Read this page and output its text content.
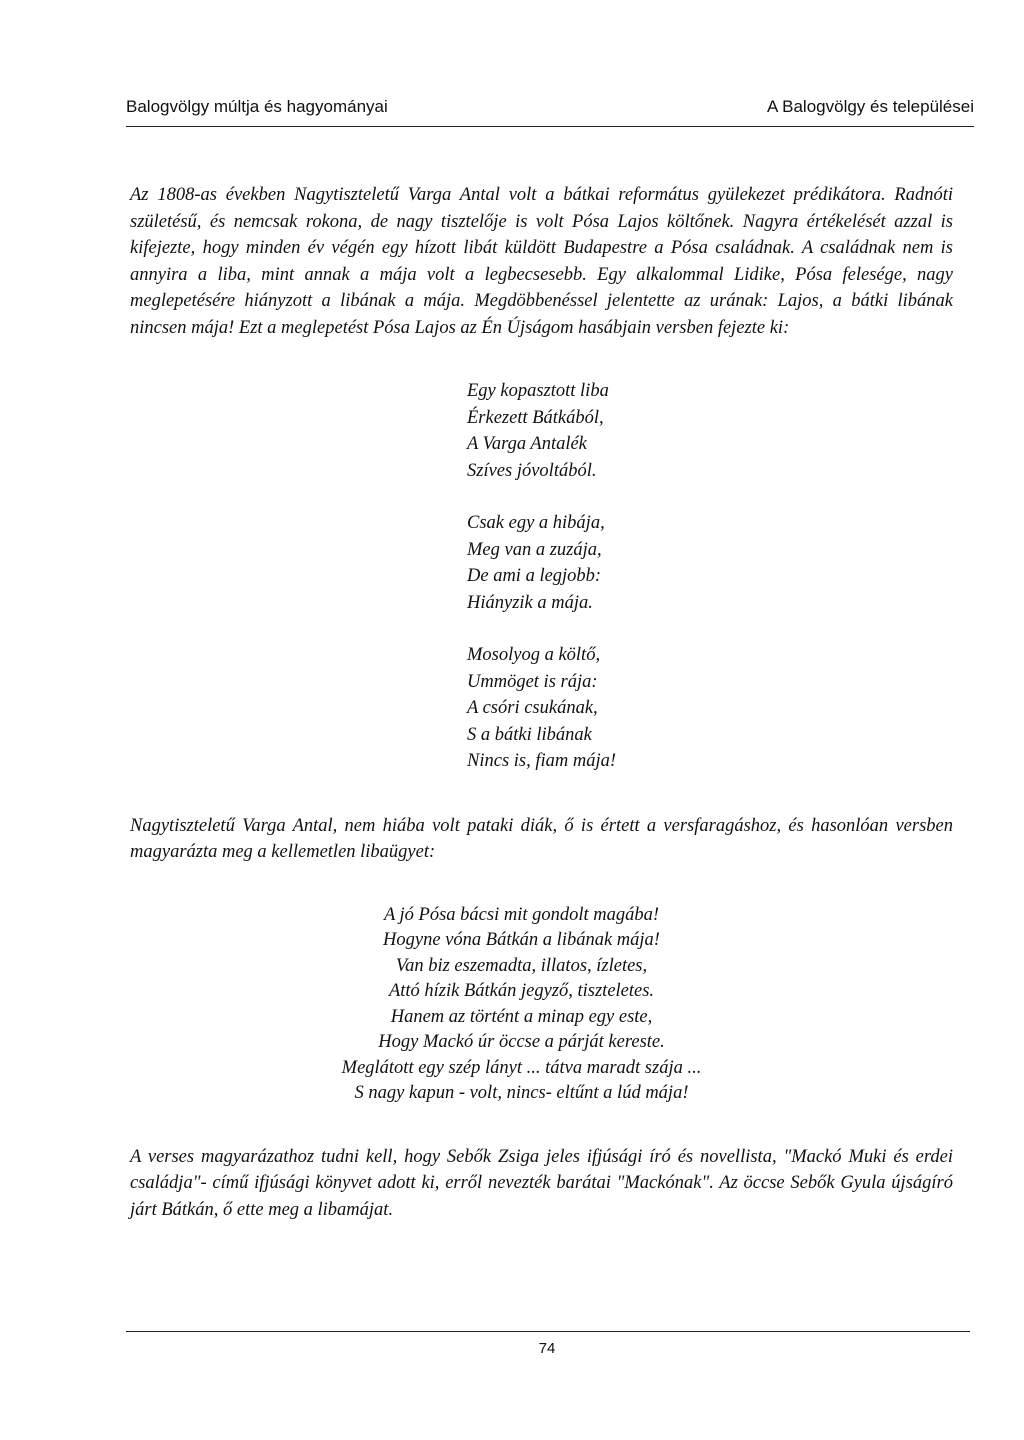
Balogvölgy múltja és hagyományai	A Balogvölgy és települései

Az 1808-as években Nagytiszteletű Varga Antal volt a bátkai református gyülekezet prédikátora. Radnóti születésű, és nemcsak rokona, de nagy tisztelője is volt Pósa Lajos költőnek. Nagyra értékelését azzal is kifejezte, hogy minden év végén egy hízott libát küldött Budapestre a Pósa családnak. A családnak nem is annyira a liba, mint annak a mája volt a legbecsesebb. Egy alkalommal Lidike, Pósa felesége, nagy meglepetésére hiányzott a libának a mája. Megdöbbenéssel jelentette az urának: Lajos, a bátki libának nincsen mája! Ezt a meglepetést Pósa Lajos az Én Újságom hasábjain versben fejezte ki:

Egy kopasztott liba
Érkezett Bátkából,
A Varga Antalék
Szíves jóvoltából.
Csak egy a hibája,
Meg van a zuzája,
De ami a legjobb:
Hiányzik a mája.
Mosolyog a költő,
Ummöget is rája:
A csóri csukának,
S a bátki libának
Nincs is, fiam mája!

Nagytiszteletű Varga Antal, nem hiába volt pataki diák, ő is értett a versfaragáshoz, és hasonlóan versben magyarázta meg a kellemetlen libaügyet:

A jó Pósa bácsi mit gondolt magába!
Hogyne vóna Bátkán a libának mája!
Van biz eszemadta, illatos, ízletes,
Attó hízik Bátkán jegyző, tiszteletes.
Hanem az történt a minap egy este,
Hogy Mackó úr öccse a párját kereste.
Meglátott egy szép lányt ... tátva maradt szája ...
S nagy kapun - volt, nincs- eltűnt a lúd mája!

A verses magyarázathoz tudni kell, hogy Sebők Zsiga jeles ifjúsági író és novellista, "Mackó Muki és erdei családja"- című ifjúsági könyvet adott ki, erről nevezték barátai "Mackónak". Az öccse Sebők Gyula újságíró járt Bátkán, ő ette meg a libamájat.

74
